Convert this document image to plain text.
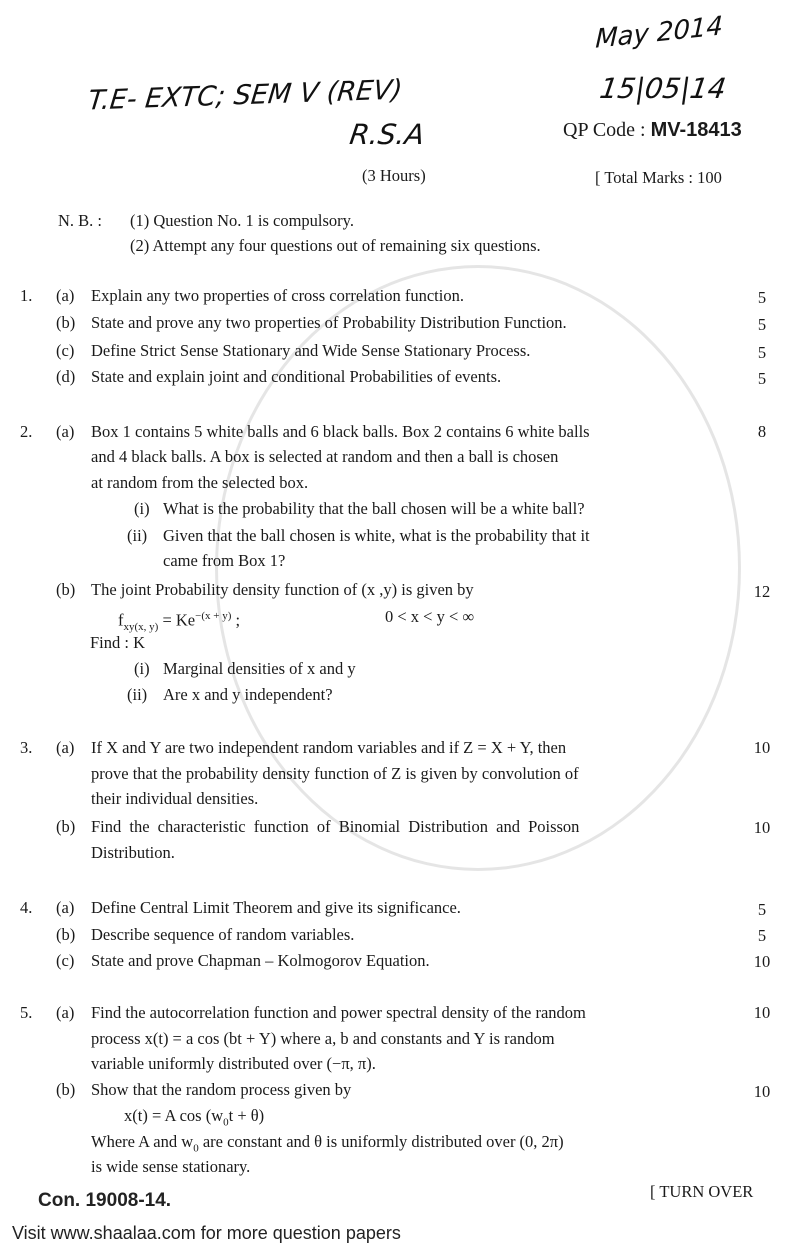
May 2014
T.E- EXTC; SEM V (REV)	15|05|14
R.S.A	QP Code : MV-18413
(3 Hours)	[ Total Marks : 100
N. B. : (1) Question No. 1 is compulsory.
(2) Attempt any four questions out of remaining six questions.
1. (a) Explain any two properties of cross correlation function.	5
(b) State and prove any two properties of Probability Distribution Function.	5
(c) Define Strict Sense Stationary and Wide Sense Stationary Process.	5
(d) State and explain joint and conditional Probabilities of events.	5
2. (a) Box 1 contains 5 white balls and 6 black balls. Box 2 contains 6 white balls	8
and 4 black balls. A box is selected at random and then a ball is chosen
at random from the selected box.
(i) What is the probability that the ball chosen will be a white ball?
(ii) Given that the ball chosen is white, what is the probability that it
came from Box 1?
(b) The joint Probability density function of (x ,y) is given by	12
$f_{xy(x, y)} = Ke^{-(x + y)}$ ;	0 < x < y < ∞
Find : K
(i) Marginal densities of x and y
(ii) Are x and y independent?
3. (a) If X and Y are two independent random variables and if Z = X + Y, then	10
prove that the probability density function of Z is given by convolution of
their individual densities.
(b) Find the characteristic function of Binomial Distribution and Poisson	10
Distribution.
4. (a) Define Central Limit Theorem and give its significance.	5
(b) Describe sequence of random variables.	5
(c) State and prove Chapman – Kolmogorov Equation.	10
5. (a) Find the autocorrelation function and power spectral density of the random	10
process x(t) = a cos (bt + Y) where a, b and constants and Y is random
variable uniformly distributed over (−π, π).
(b) Show that the random process given by	10
x(t) = A $\cos (w_0t + \theta)$
Where A and $w_0$ are constant and θ is uniformly distributed over (0, 2π)
is wide sense stationary.
[ TURN OVER
Con. 19008-14.
Visit www.shaalaa.com for more question papers
